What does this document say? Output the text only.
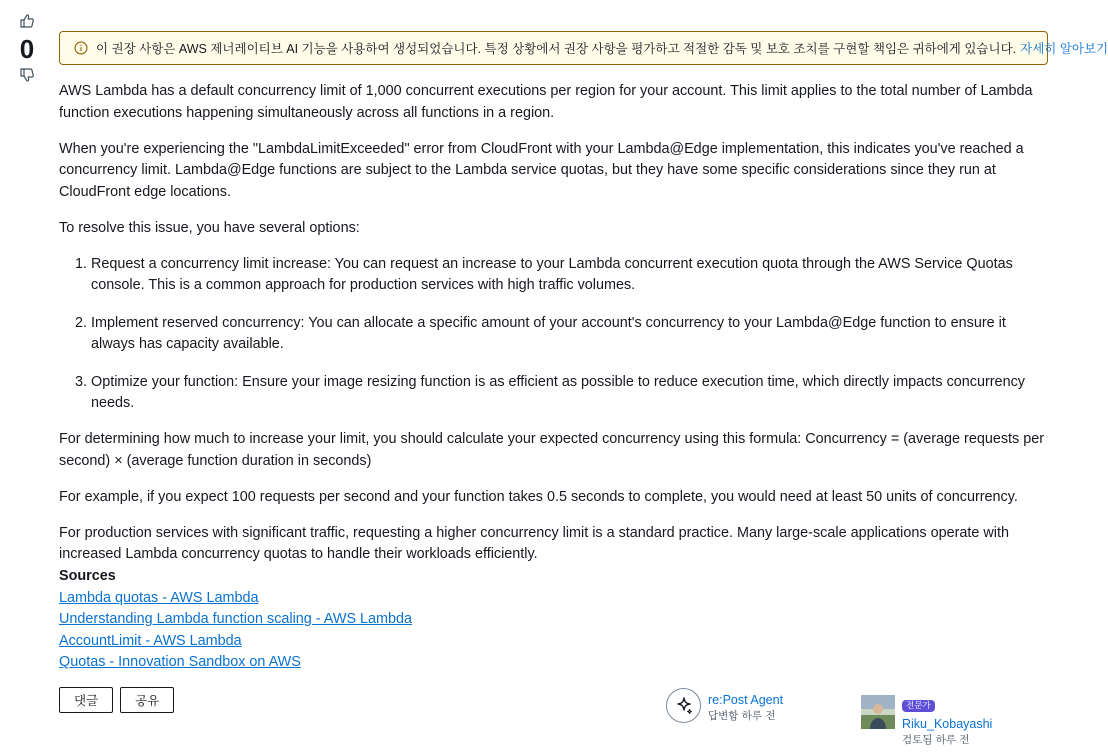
0	이 권장 사항은 AWS 제너레이티브 AI 기능을 사용하여 생성되었습니다. 특정 상황에서 권장 사항을 평가하고 적절한 감독 및 보호 조치를 구현할 책임은 귀하에게 있습니다. 자세히 알아보기

AWS Lambda has a default concurrency limit of 1,000 concurrent executions per region for your account. This limit applies to the total number of Lambda function executions happening simultaneously across all functions in a region.

When you're experiencing the "LambdaLimitExceeded" error from CloudFront with your Lambda@Edge implementation, this indicates you've reached a concurrency limit. Lambda@Edge functions are subject to the Lambda service quotas, but they have some specific considerations since they run at CloudFront edge locations.

To resolve this issue, you have several options:

1. Request a concurrency limit increase: You can request an increase to your Lambda concurrent execution quota through the AWS Service Quotas console. This is a common approach for production services with high traffic volumes.
2. Implement reserved concurrency: You can allocate a specific amount of your account's concurrency to your Lambda@Edge function to ensure it always has capacity available.
3. Optimize your function: Ensure your image resizing function is as efficient as possible to reduce execution time, which directly impacts concurrency needs.

For determining how much to increase your limit, you should calculate your expected concurrency using this formula: Concurrency = (average requests per second) × (average function duration in seconds)

For example, if you expect 100 requests per second and your function takes 0.5 seconds to complete, you would need at least 50 units of concurrency.

For production services with significant traffic, requesting a higher concurrency limit is a standard practice. Many large-scale applications operate with increased Lambda concurrency quotas to handle their workloads efficiently.

Sources
Lambda quotas - AWS Lambda
Understanding Lambda function scaling - AWS Lambda
AccountLimit - AWS Lambda
Quotas - Innovation Sandbox on AWS
댓글	공유	re:Post Agent
답변함 하루 전
전문가
Riku_Kobayashi
검토됨 하루 전
